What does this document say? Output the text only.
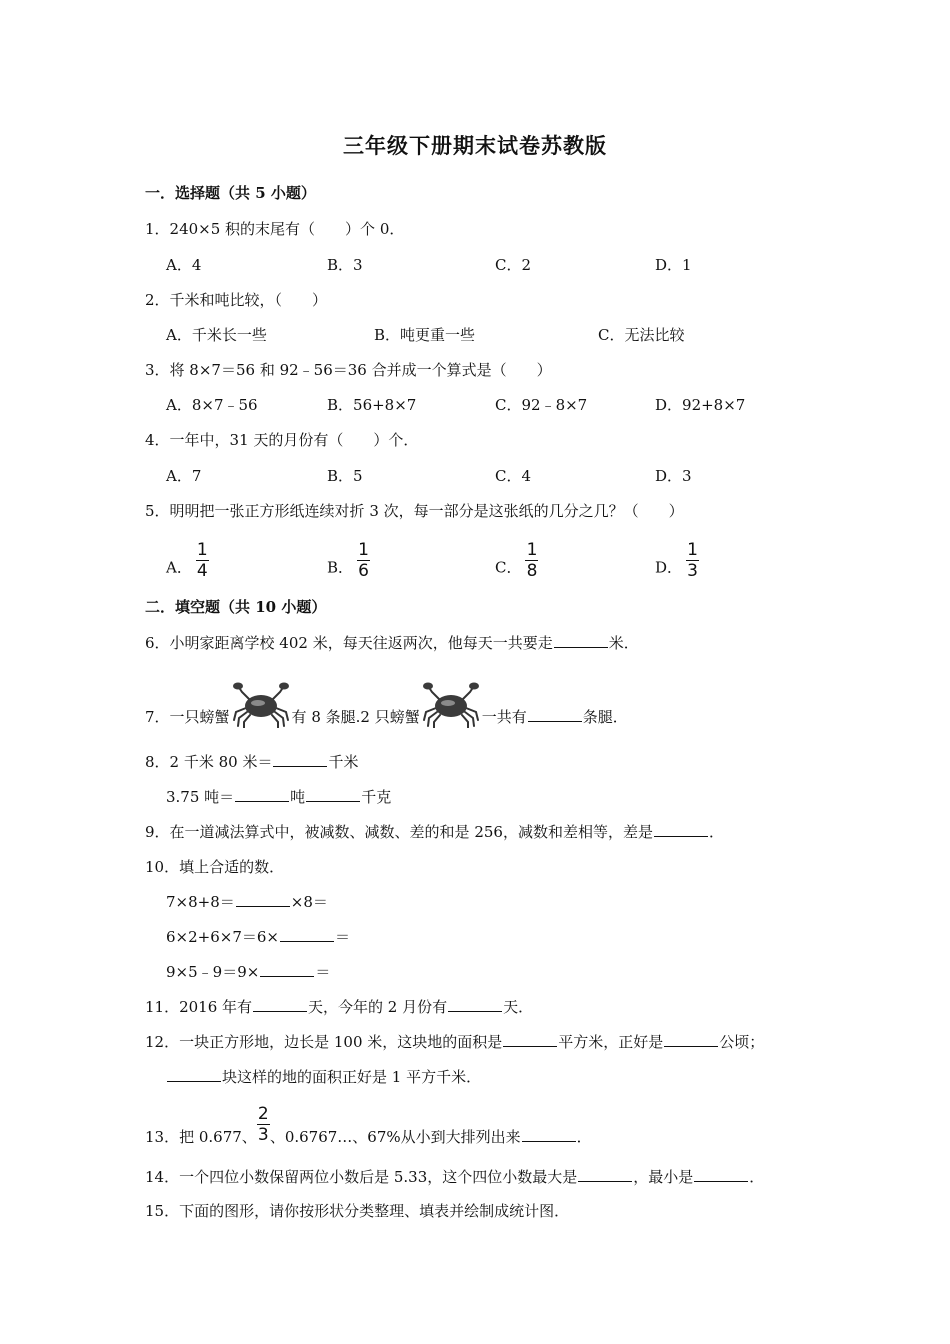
三年级下册期末试卷苏教版
一．选择题（共 5 小题）
1．240×5 积的末尾有（　　）个 0．
A．4	B．3	C．2	D．1
2．千米和吨比较，（　　）
A．千米长一些	B．吨更重一些	C．无法比较
3．将 8×7＝56 和 92﹣56＝36 合并成一个算式是（　　）
A．8×7﹣56	B．56+8×7	C．92﹣8×7	D．92+8×7
4．一年中，31 天的月份有（　　）个．
A．7	B．5	C．4	D．3
5．明明把一张正方形纸连续对折 3 次，每一部分是这张纸的几分之几？（　　）
A． $\frac{1}{4}$	B． $\frac{1}{6}$	C． $\frac{1}{8}$	D． $\frac{1}{3}$
二．填空题（共 10 小题）
6．小明家距离学校 402 米，每天往返两次，他每天一共要走	米．
7．一只螃蟹	有 8 条腿.2 只螃蟹	一共有	条腿．
8．2 千米 80 米＝	千米
3.75 吨＝	吨	千克
9．在一道减法算式中，被减数、减数、差的和是 256，减数和差相等，差是	．
10．填上合适的数．
7×8+8＝	×8＝
6×2+6×7＝6×	＝
9×5﹣9＝9×	＝
11．2016 年有	天，今年的 2 月份有	天．
12．一块正方形地，边长是 100 米，这块地的面积是	平方米，正好是	公顷；
块这样的地的面积正好是 1 平方千米．
13．把 0.677、 $\frac{2}{3}$ 、0.6767…、67%从小到大排列出来	．
14．一个四位小数保留两位小数后是 5.33，这个四位小数最大是	，最小是	．
15．下面的图形，请你按形状分类整理、填表并绘制成统计图．
